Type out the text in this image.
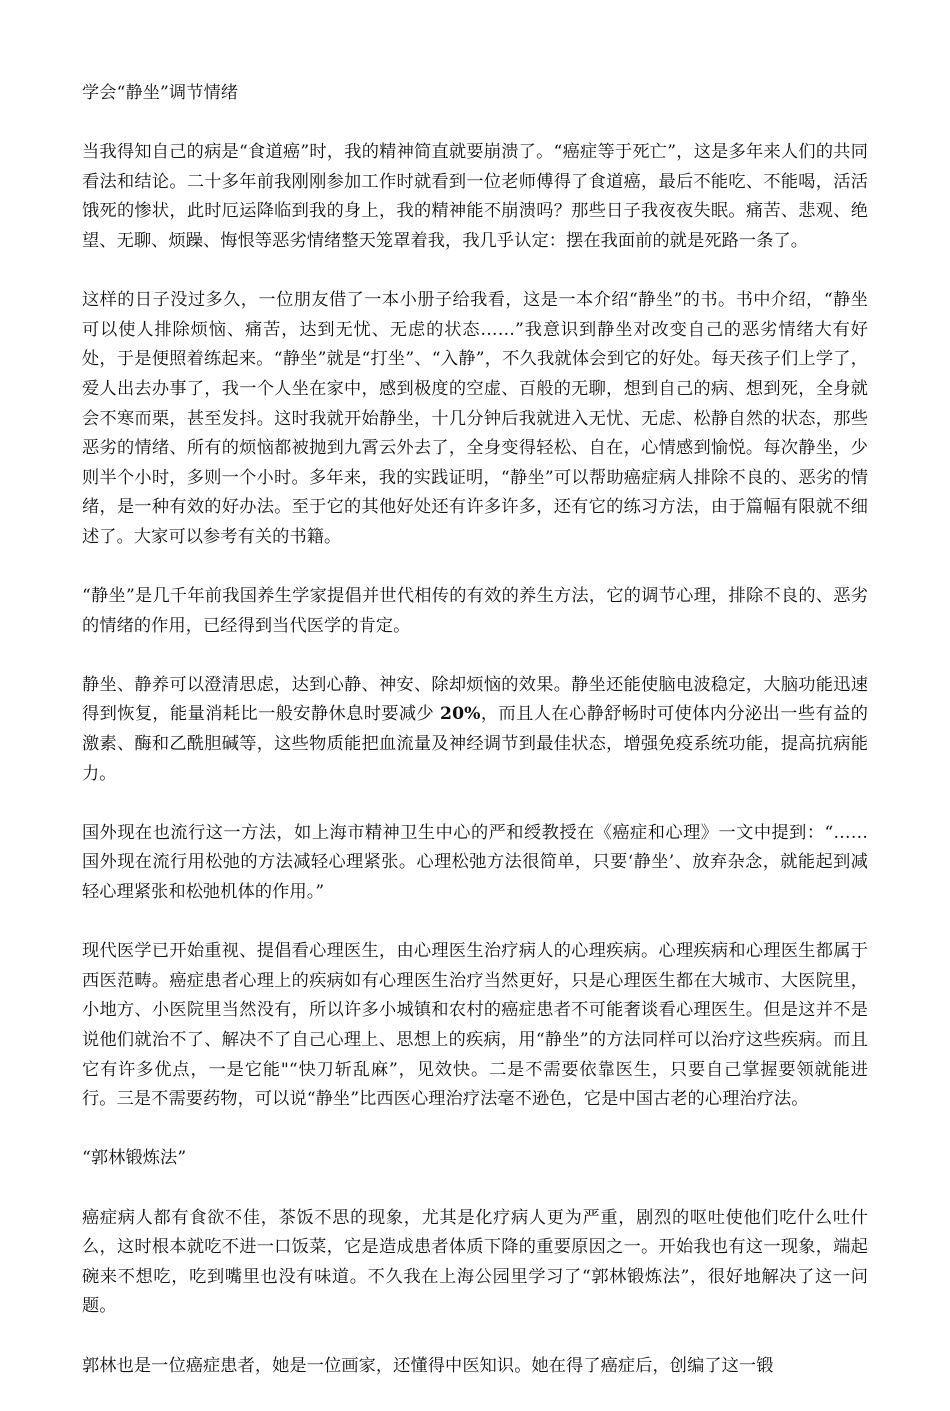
学会“静坐”调节情绪

当我得知自己的病是“食道癌”时，我的精神简直就要崩溃了。“癌症等于死亡”，这是多年来人们的共同看法和结论。二十多年前我刚刚参加工作时就看到一位老师傅得了食道癌，最后不能吃、不能喝，活活饿死的惨状，此时厄运降临到我的身上，我的精神能不崩溃吗？那些日子我夜夜失眠。痛苦、悲观、绝望、无聊、烦躁、悔恨等恶劣情绪整天笼罩着我，我几乎认定：摆在我面前的就是死路一条了。

这样的日子没过多久，一位朋友借了一本小册子给我看，这是一本介绍“静坐”的书。书中介绍，“静坐可以使人排除烦恼、痛苦，达到无忧、无虑的状态……”我意识到静坐对改变自己的恶劣情绪大有好处，于是便照着练起来。“静坐”就是“打坐”、“入静”，不久我就体会到它的好处。每天孩子们上学了，爱人出去办事了，我一个人坐在家中，感到极度的空虚、百般的无聊，想到自己的病、想到死，全身就会不寒而栗，甚至发抖。这时我就开始静坐，十几分钟后我就进入无忧、无虑、松静自然的状态，那些恶劣的情绪、所有的烦恼都被抛到九霄云外去了，全身变得轻松、自在，心情感到愉悦。每次静坐，少则半个小时，多则一个小时。多年来，我的实践证明，“静坐”可以帮助癌症病人排除不良的、恶劣的情绪，是一种有效的好办法。至于它的其他好处还有许多许多，还有它的练习方法，由于篇幅有限就不细述了。大家可以参考有关的书籍。

“静坐”是几千年前我国养生学家提倡并世代相传的有效的养生方法，它的调节心理，排除不良的、恶劣的情绪的作用，已经得到当代医学的肯定。

静坐、静养可以澄清思虑，达到心静、神安、除却烦恼的效果。静坐还能使脑电波稳定，大脑功能迅速得到恢复，能量消耗比一般安静休息时要减少 20%，而且人在心静舒畅时可使体内分泌出一些有益的激素、酶和乙酰胆碱等，这些物质能把血流量及神经调节到最佳状态，增强免疫系统功能，提高抗病能力。

国外现在也流行这一方法，如上海市精神卫生中心的严和绶教授在《癌症和心理》一文中提到：“……国外现在流行用松弛的方法减轻心理紧张。心理松弛方法很简单，只要‘静坐’、放弃杂念，就能起到减轻心理紧张和松弛机体的作用。”

现代医学已开始重视、提倡看心理医生，由心理医生治疗病人的心理疾病。心理疾病和心理医生都属于西医范畴。癌症患者心理上的疾病如有心理医生治疗当然更好，只是心理医生都在大城市、大医院里，小地方、小医院里当然没有，所以许多小城镇和农村的癌症患者不可能奢谈看心理医生。但是这并不是说他们就治不了、解决不了自己心理上、思想上的疾病，用“静坐”的方法同样可以治疗这些疾病。而且它有许多优点，一是它能"“快刀斩乱麻”，见效快。二是不需要依靠医生，只要自己掌握要领就能进行。三是不需要药物，可以说“静坐”比西医心理治疗法毫不逊色，它是中国古老的心理治疗法。

“郭林锻炼法”

癌症病人都有食欲不佳，茶饭不思的现象，尤其是化疗病人更为严重，剧烈的呕吐使他们吃什么吐什么，这时根本就吃不进一口饭菜，它是造成患者体质下降的重要原因之一。开始我也有这一现象，端起碗来不想吃，吃到嘴里也没有味道。不久我在上海公园里学习了“郭林锻炼法”，很好地解决了这一问题。

郭林也是一位癌症患者，她是一位画家，还懂得中医知识。她在得了癌症后，创编了这一锻
